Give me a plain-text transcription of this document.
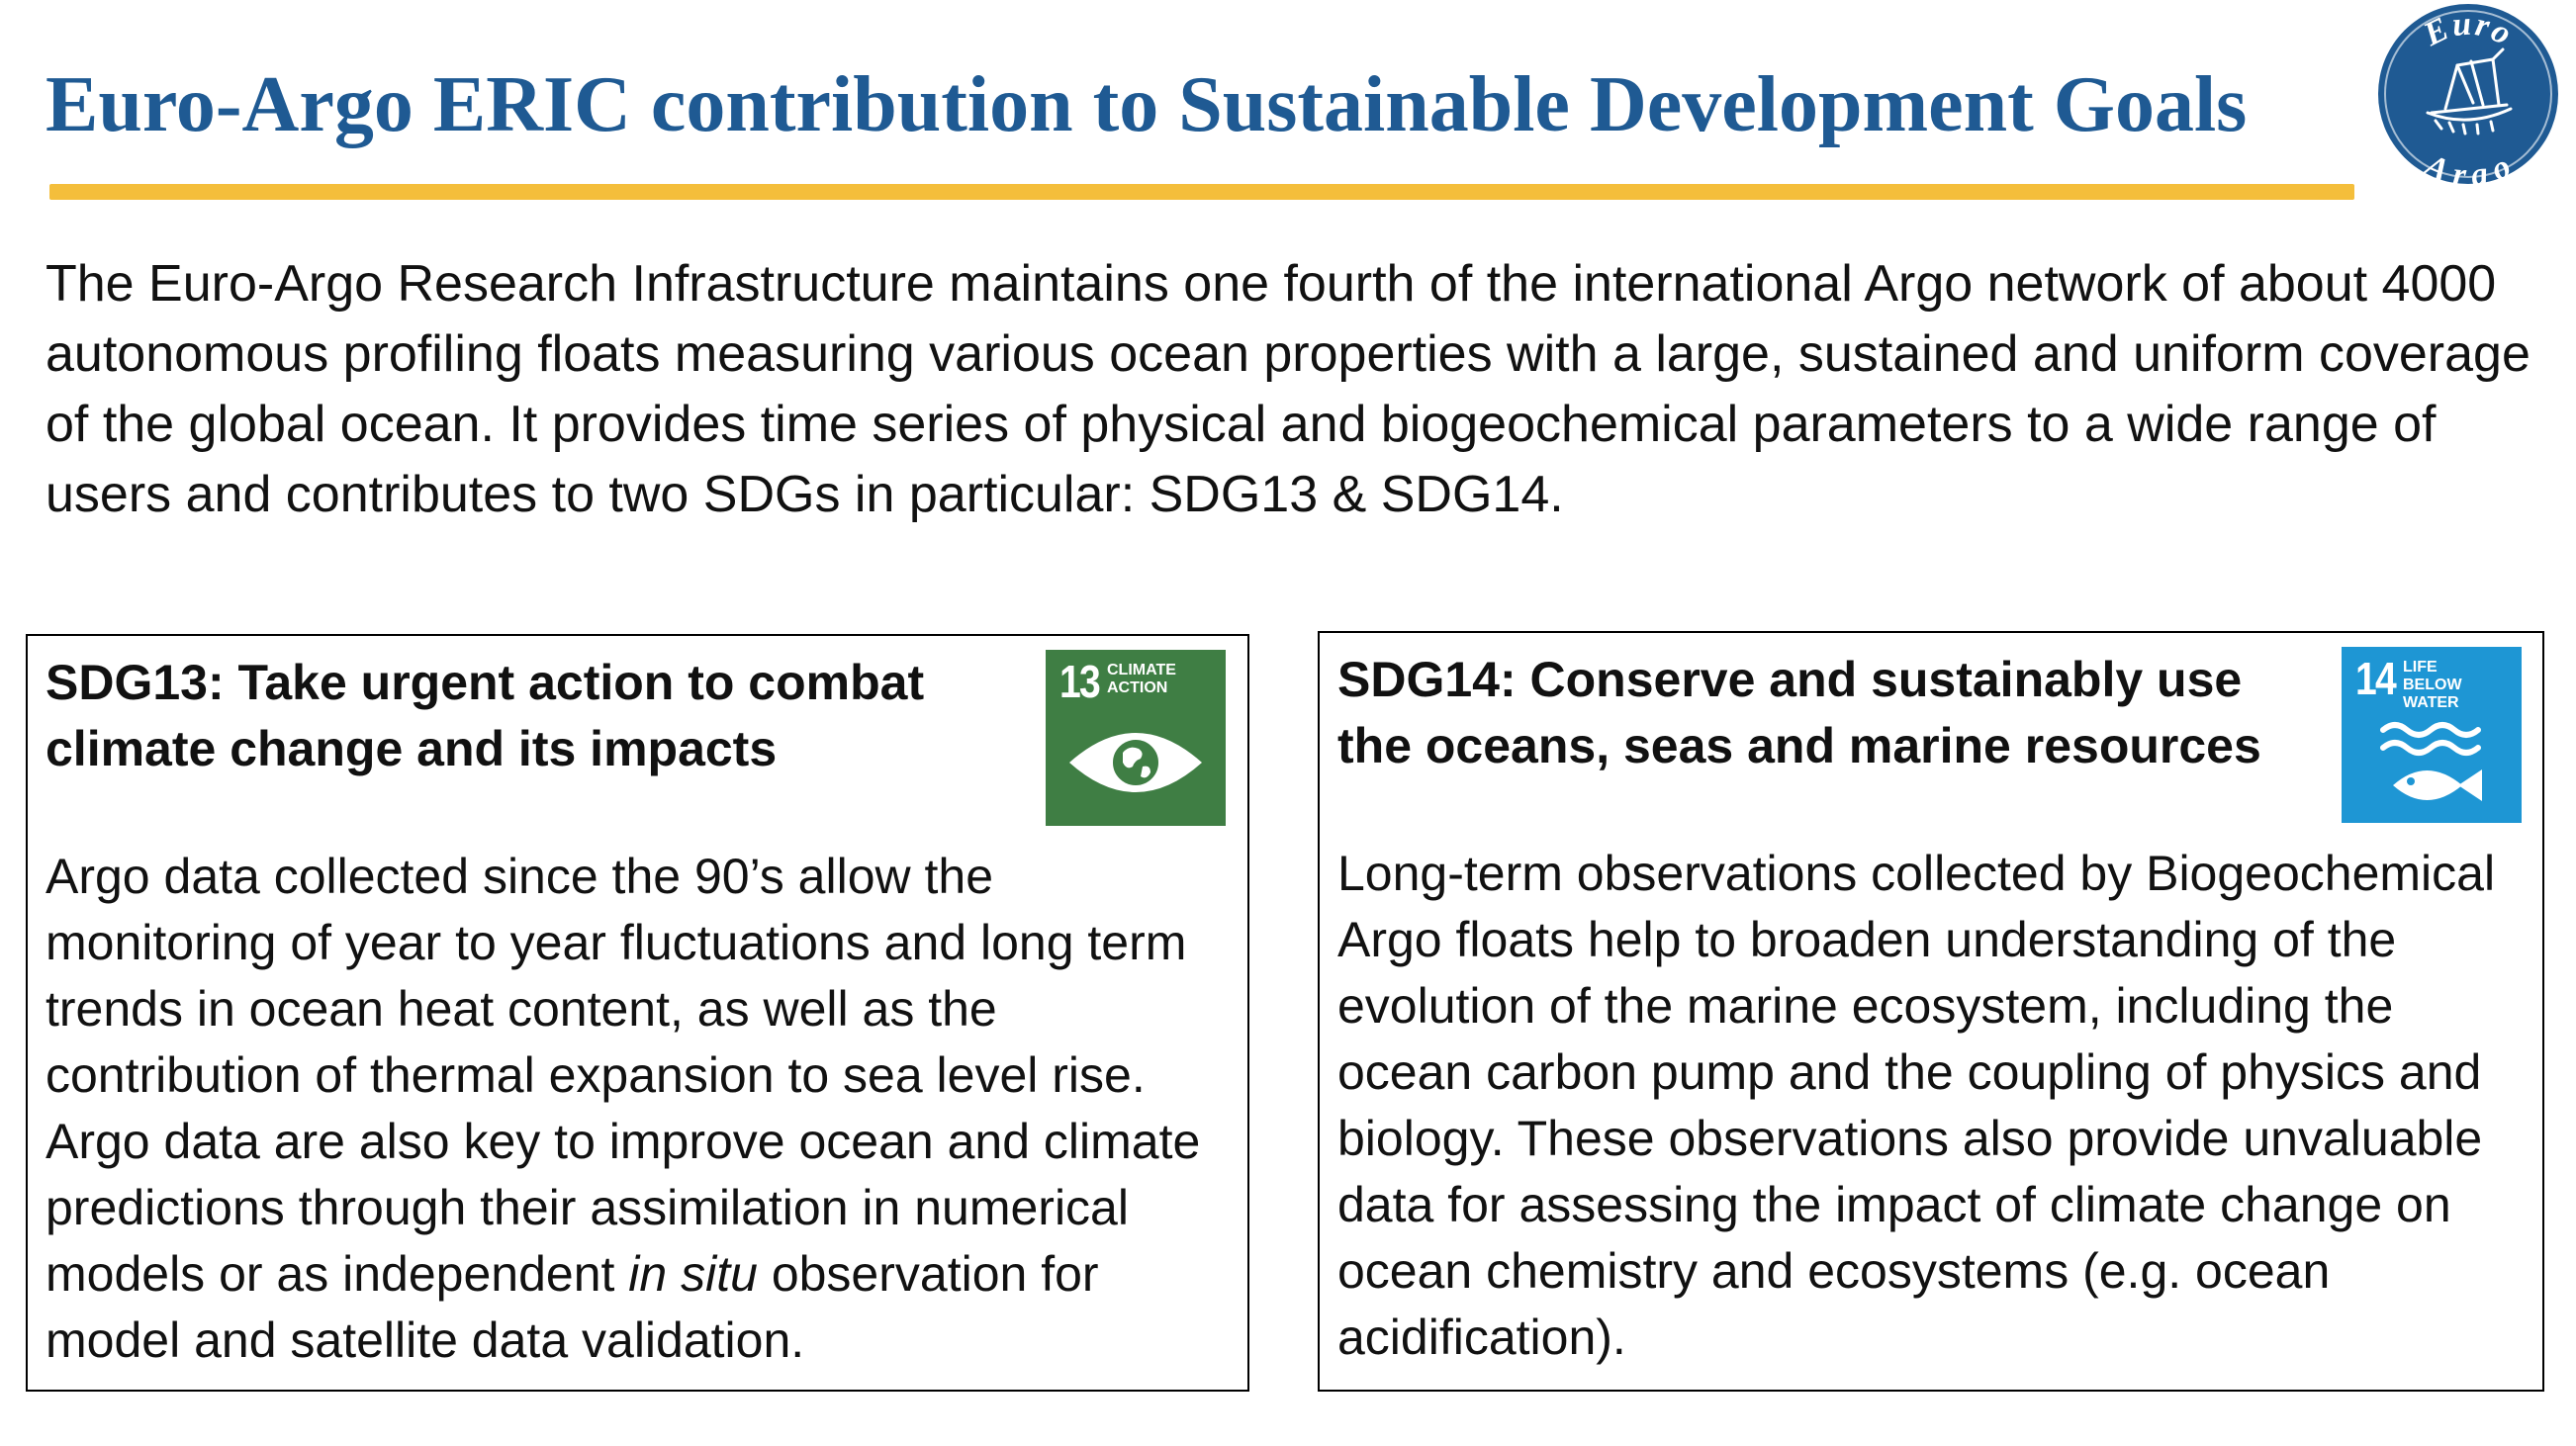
Euro-Argo ERIC contribution to Sustainable Development Goals
Euro
Argo

The Euro-Argo Research Infrastructure maintains one fourth of the international Argo network of about 4000 autonomous profiling floats measuring various ocean properties with a large, sustained and uniform coverage of the global ocean. It provides time series of physical and biogeochemical parameters to a wide range of users and contributes to two SDGs in particular: SDG13 & SDG14.

SDG13: Take urgent action to combat climate change and its impacts
13 CLIMATE
ACTION

Argo data collected since the 90’s allow the monitoring of year to year fluctuations and long term trends in ocean heat content, as well as the contribution of thermal expansion to sea level rise. Argo data are also key to improve ocean and climate predictions through their assimilation in numerical models or as independent in situ observation for model and satellite data validation.

SDG14: Conserve and sustainably use the oceans, seas and marine resources
14 LIFE
BELOW WATER

Long-term observations collected by Biogeochemical Argo floats help to broaden understanding of the evolution of the marine ecosystem, including the ocean carbon pump and the coupling of physics and biology. These observations also provide unvaluable data for assessing the impact of climate change on ocean chemistry and ecosystems (e.g. ocean acidification).
